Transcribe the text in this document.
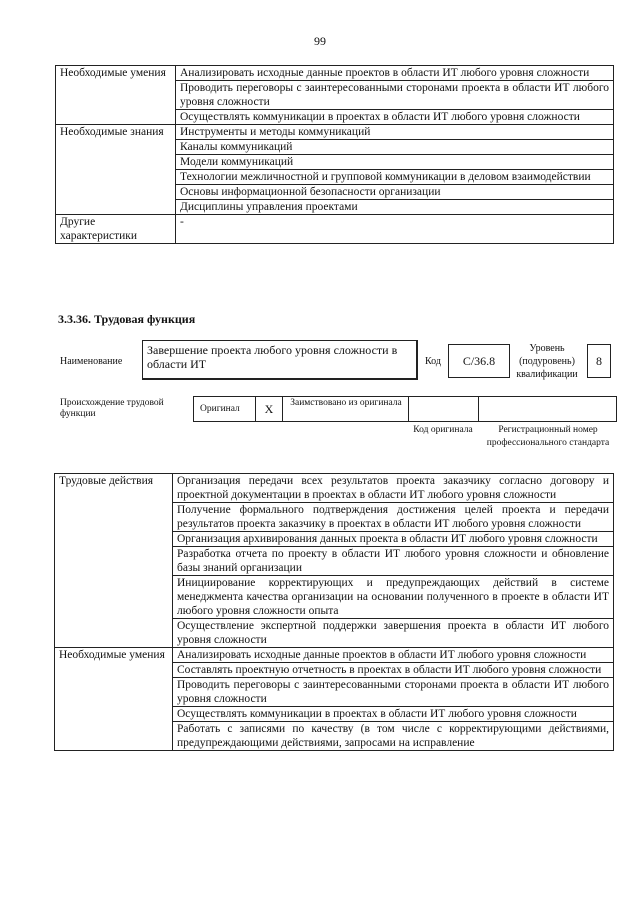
99
Необходимые умения	Анализировать исходные данные проектов в области ИТ любого уровня сложности
	Проводить переговоры с заинтересованными сторонами проекта в области ИТ любого уровня сложности
	Осуществлять коммуникации в проектах в области ИТ любого уровня сложности
Необходимые знания	Инструменты и методы коммуникаций
	Каналы коммуникаций
	Модели коммуникаций
	Технологии межличностной и групповой коммуникации в деловом взаимодействии
	Основы информационной безопасности организации
	Дисциплины управления проектами
Другие характеристики	-
3.3.36. Трудовая функция
Наименование
Завершение проекта любого уровня сложности в области ИТ	Код	C/36.8
Уровень (подуровень) квалификации
8
Происхождение трудовой функции	Оригинал	X	Заимствовано из оригинала
Код оригинала	Регистрационный номер профессионального стандарта
Трудовые действия	Организация передачи всех результатов проекта заказчику согласно договору и проектной документации в проектах в области ИТ любого уровня сложности
	Получение формального подтверждения достижения целей проекта и передачи результатов проекта заказчику в проектах в области ИТ любого уровня сложности
	Организация архивирования данных проекта в области ИТ любого уровня сложности
	Разработка отчета по проекту в области ИТ любого уровня сложности и обновление базы знаний организации
	Инициирование корректирующих и предупреждающих действий в системе менеджмента качества организации на основании полученного в проекте в области ИТ любого уровня сложности опыта
	Осуществление экспертной поддержки завершения проекта в области ИТ любого уровня сложности
Необходимые умения	Анализировать исходные данные проектов в области ИТ любого уровня сложности
	Составлять проектную отчетность в проектах в области ИТ любого уровня сложности
	Проводить переговоры с заинтересованными сторонами проекта в области ИТ любого уровня сложности
	Осуществлять коммуникации в проектах в области ИТ любого уровня сложности
	Работать с записями по качеству (в том числе с корректирующими действиями, предупреждающими действиями, запросами на исправление
